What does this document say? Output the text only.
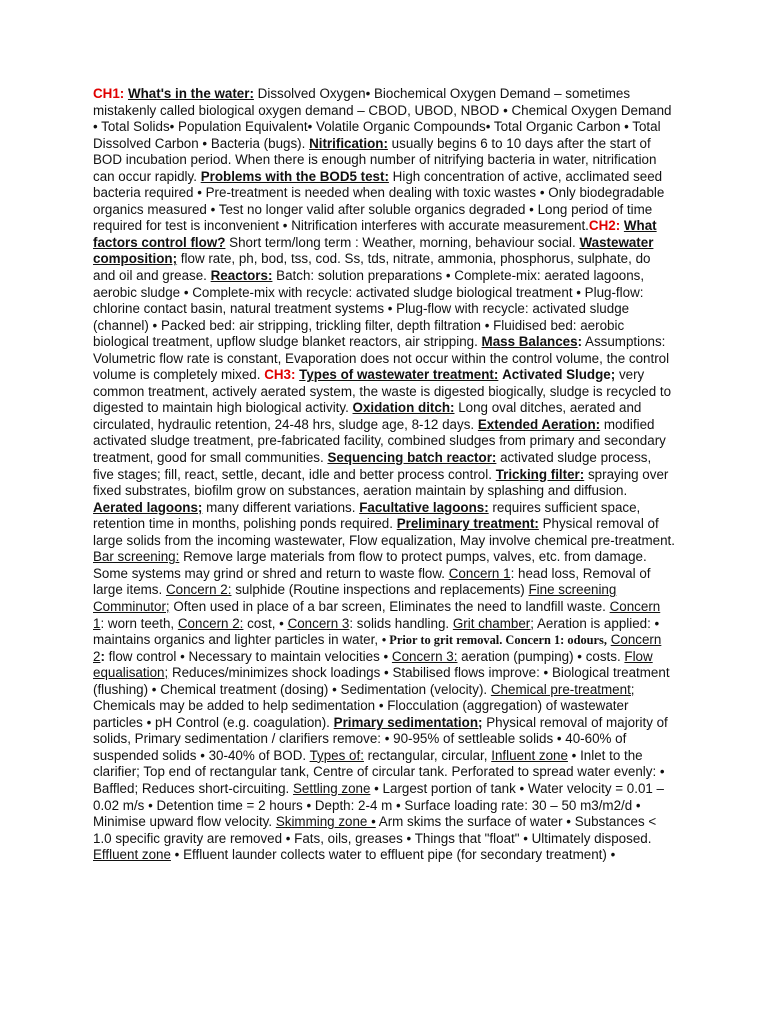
CH1: What's in the water: Dissolved Oxygen• Biochemical Oxygen Demand – sometimes mistakenly called biological oxygen demand – CBOD, UBOD, NBOD • Chemical Oxygen Demand • Total Solids• Population Equivalent• Volatile Organic Compounds• Total Organic Carbon • Total Dissolved Carbon • Bacteria (bugs). Nitrification: usually begins 6 to 10 days after the start of BOD incubation period. When there is enough number of nitrifying bacteria in water, nitrification can occur rapidly. Problems with the BOD5 test: High concentration of active, acclimated seed bacteria required • Pre-treatment is needed when dealing with toxic wastes • Only biodegradable organics measured • Test no longer valid after soluble organics degraded • Long period of time required for test is inconvenient • Nitrification interferes with accurate measurement.CH2: What factors control flow? Short term/long term : Weather, morning, behaviour social. Wastewater composition; flow rate, ph, bod, tss, cod. Ss, tds, nitrate, ammonia, phosphorus, sulphate, do and oil and grease. Reactors: Batch: solution preparations • Complete-mix: aerated lagoons, aerobic sludge • Complete-mix with recycle: activated sludge biological treatment • Plug-flow: chlorine contact basin, natural treatment systems • Plug-flow with recycle: activated sludge (channel) • Packed bed: air stripping, trickling filter, depth filtration • Fluidised bed: aerobic biological treatment, upflow sludge blanket reactors, air stripping. Mass Balances: Assumptions: Volumetric flow rate is constant, Evaporation does not occur within the control volume, the control volume is completely mixed. CH3: Types of wastewater treatment: Activated Sludge; very common treatment, actively aerated system, the waste is digested biogically, sludge is recycled to digested to maintain high biological activity. Oxidation ditch: Long oval ditches, aerated and circulated, hydraulic retention, 24-48 hrs, sludge age, 8-12 days. Extended Aeration: modified activated sludge treatment, pre-fabricated facility, combined sludges from primary and secondary treatment, good for small communities. Sequencing batch reactor: activated sludge process, five stages; fill, react, settle, decant, idle and better process control. Tricking filter: spraying over fixed substrates, biofilm grow on substances, aeration maintain by splashing and diffusion. Aerated lagoons; many different variations. Facultative lagoons: requires sufficient space, retention time in months, polishing ponds required. Preliminary treatment: Physical removal of large solids from the incoming wastewater, Flow equalization, May involve chemical pre-treatment. Bar screening: Remove large materials from flow to protect pumps, valves, etc. from damage. Some systems may grind or shred and return to waste flow. Concern 1: head loss, Removal of large items. Concern 2: sulphide (Routine inspections and replacements) Fine screening Comminutor; Often used in place of a bar screen, Eliminates the need to landfill waste. Concern 1: worn teeth, Concern 2: cost, • Concern 3: solids handling. Grit chamber; Aeration is applied: • maintains organics and lighter particles in water, • Prior to grit removal. Concern 1: odours, Concern 2: flow control • Necessary to maintain velocities • Concern 3: aeration (pumping) • costs. Flow equalisation; Reduces/minimizes shock loadings • Stabilised flows improve: • Biological treatment (flushing) • Chemical treatment (dosing) • Sedimentation (velocity). Chemical pre-treatment; Chemicals may be added to help sedimentation • Flocculation (aggregation) of wastewater particles • pH Control (e.g. coagulation). Primary sedimentation; Physical removal of majority of solids, Primary sedimentation / clarifiers remove: • 90-95% of settleable solids • 40-60% of suspended solids • 30-40% of BOD. Types of: rectangular, circular, Influent zone • Inlet to the clarifier; Top end of rectangular tank, Centre of circular tank. Perforated to spread water evenly: • Baffled; Reduces short-circuiting. Settling zone • Largest portion of tank • Water velocity = 0.01 – 0.02 m/s • Detention time = 2 hours • Depth: 2-4 m • Surface loading rate: 30 – 50 m3/m2/d • Minimise upward flow velocity. Skimming zone • Arm skims the surface of water • Substances < 1.0 specific gravity are removed • Fats, oils, greases • Things that "float" • Ultimately disposed. Effluent zone • Effluent launder collects water to effluent pipe (for secondary treatment) •
